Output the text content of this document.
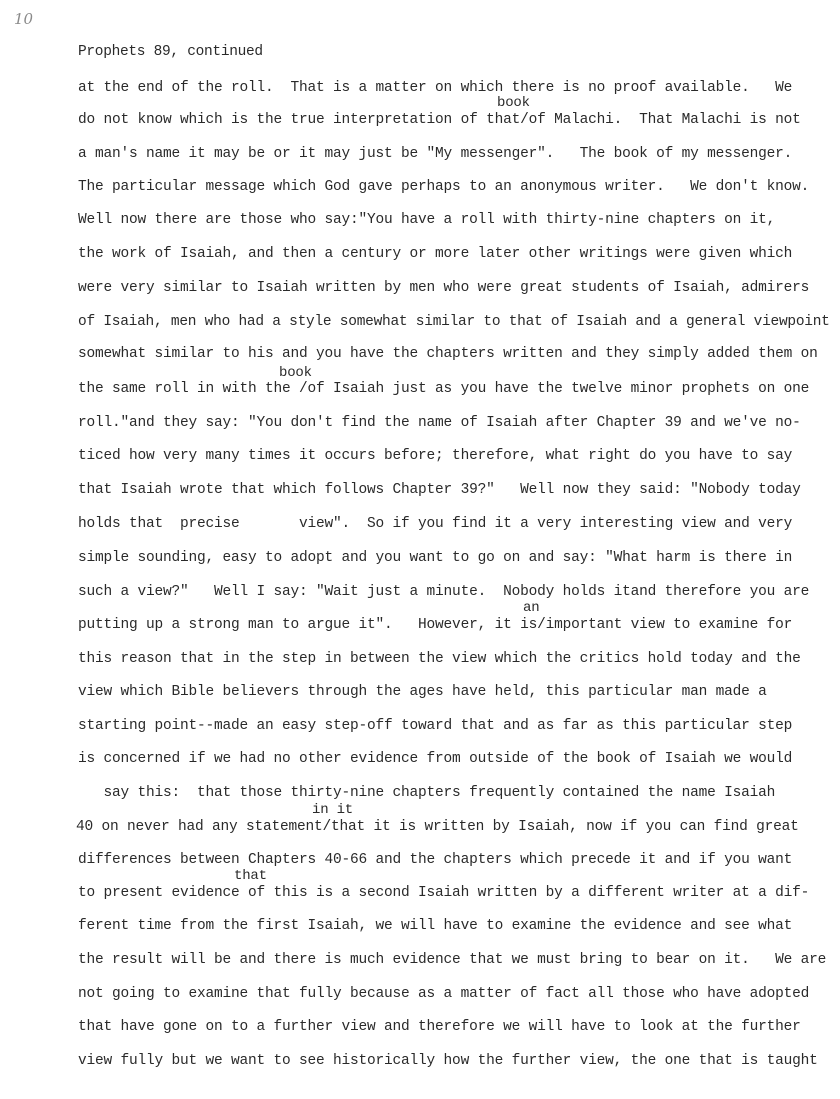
10
Prophets 89, continued
at the end of the roll.  That is a matter on which there is no proof available.   We
book
do not know which is the true interpretation of that/of Malachi.  That Malachi is not
a man's name it may be or it may just be "My messenger".   The book of my messenger.
The particular message which God gave perhaps to an anonymous writer.   We don't know.
Well now there are those who say:"You have a roll with thirty-nine chapters on it,
the work of Isaiah, and then a century or more later other writings were given which
were very similar to Isaiah written by men who were great students of Isaiah, admirers
of Isaiah, men who had a style somewhat similar to that of Isaiah and a general viewpoint
somewhat similar to his and you have the chapters written and they simply added them on
book
the same roll in with the /of Isaiah just as you have the twelve minor prophets on one
roll."and they say: "You don't find the name of Isaiah after Chapter 39 and we've no-
ticed how very many times it occurs before; therefore, what right do you have to say
that Isaiah wrote that which follows Chapter 39?"   Well now they said: "Nobody today
holds that  precise       view".  So if you find it a very interesting view and very
simple sounding, easy to adopt and you want to go on and say: "What harm is there in
such a view?"   Well I say: "Wait just a minute.  Nobody holds itand therefore you are
an
putting up a strong man to argue it".   However, it is/important view to examine for
this reason that in the step in between the view which the critics hold today and the
view which Bible believers through the ages have held, this particular man made a
starting point--made an easy step-off toward that and as far as this particular step
is concerned if we had no other evidence from outside of the book of Isaiah we would
say this:  that those thirty-nine chapters frequently contained the name Isaiah
in it
40 on never had any statement/that it is written by Isaiah, now if you can find great
differences between Chapters 40-66 and the chapters which precede it and if you want
that
to present evidence of this is a second Isaiah written by a different writer at a dif-
ferent time from the first Isaiah, we will have to examine the evidence and see what
the result will be and there is much evidence that we must bring to bear on it.   We are
not going to examine that fully because as a matter of fact all those who have adopted
that have gone on to a further view and therefore we will have to look at the further
view fully but we want to see historically how the further view, the one that is taught
